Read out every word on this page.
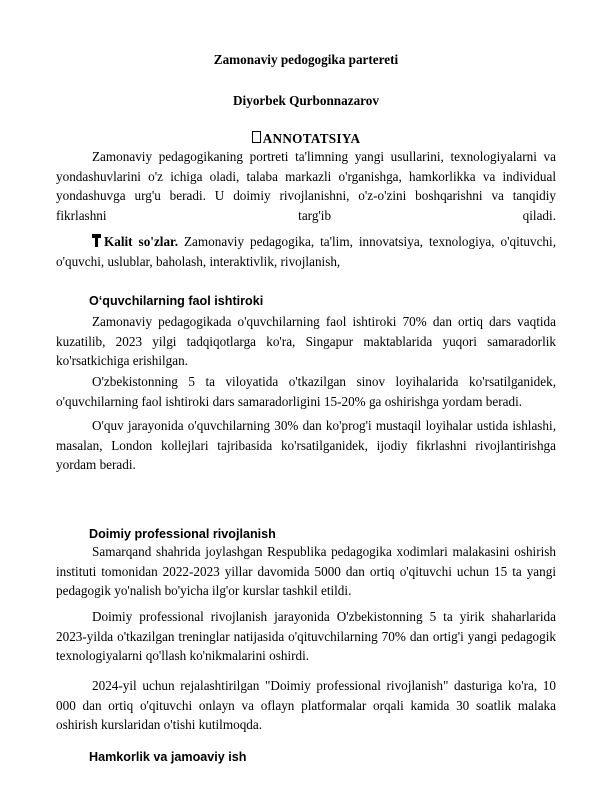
Zamonaviy pedogogika partereti
Diyorbek Qurbonnazarov
ANNOTATSIYA

Zamonaviy pedagogikaning portreti ta'limning yangi usullarini, texnologiyalarni va yondashuvlarini o'z ichiga oladi, talaba markazli o'rganishga, hamkorlikka va individual yondashuvga urg'u beradi. U doimiy rivojlanishni, o'z-o'zini boshqarishni va tanqidiy fikrlashni targ'ib qiladi.

Kalit so'zlar. Zamonaviy pedagogika, ta'lim, innovatsiya, texnologiya, o'qituvchi, o'quvchi, uslublar, baholash, interaktivlik, rivojlanish,

O‘quvchilarning faol ishtiroki

Zamonaviy pedagogikada o'quvchilarning faol ishtiroki 70% dan ortiq dars vaqtida kuzatilib, 2023 yilgi tadqiqotlarga ko'ra, Singapur maktablarida yuqori samaradorlik ko'rsatkichiga erishilgan.

O'zbekistonning 5 ta viloyatida o'tkazilgan sinov loyihalarida ko'rsatilganidek, o'quvchilarning faol ishtiroki dars samaradorligini 15-20% ga oshirishga yordam beradi.

O'quv jarayonida o'quvchilarning 30% dan ko'prog'i mustaqil loyihalar ustida ishlashi, masalan, London kollejlari tajribasida ko'rsatilganidek, ijodiy fikrlashni rivojlantirishga yordam beradi.

Doimiy professional rivojlanish

Samarqand shahrida joylashgan Respublika pedagogika xodimlari malakasini oshirish instituti tomonidan 2022-2023 yillar davomida 5000 dan ortiq o'qituvchi uchun 15 ta yangi pedagogik yo'nalish bo'yicha ilg'or kurslar tashkil etildi.

Doimiy professional rivojlanish jarayonida O'zbekistonning 5 ta yirik shaharlarida 2023-yilda o'tkazilgan treninglar natijasida o'qituvchilarning 70% dan ortig'i yangi pedagogik texnologiyalarni qo'llash ko'nikmalarini oshirdi.

2024-yil uchun rejalashtirilgan "Doimiy professional rivojlanish" dasturiga ko'ra, 10 000 dan ortiq o'qituvchi onlayn va oflayn platformalar orqali kamida 30 soatlik malaka oshirish kurslaridan o'tishi kutilmoqda.

Hamkorlik va jamoaviy ish
